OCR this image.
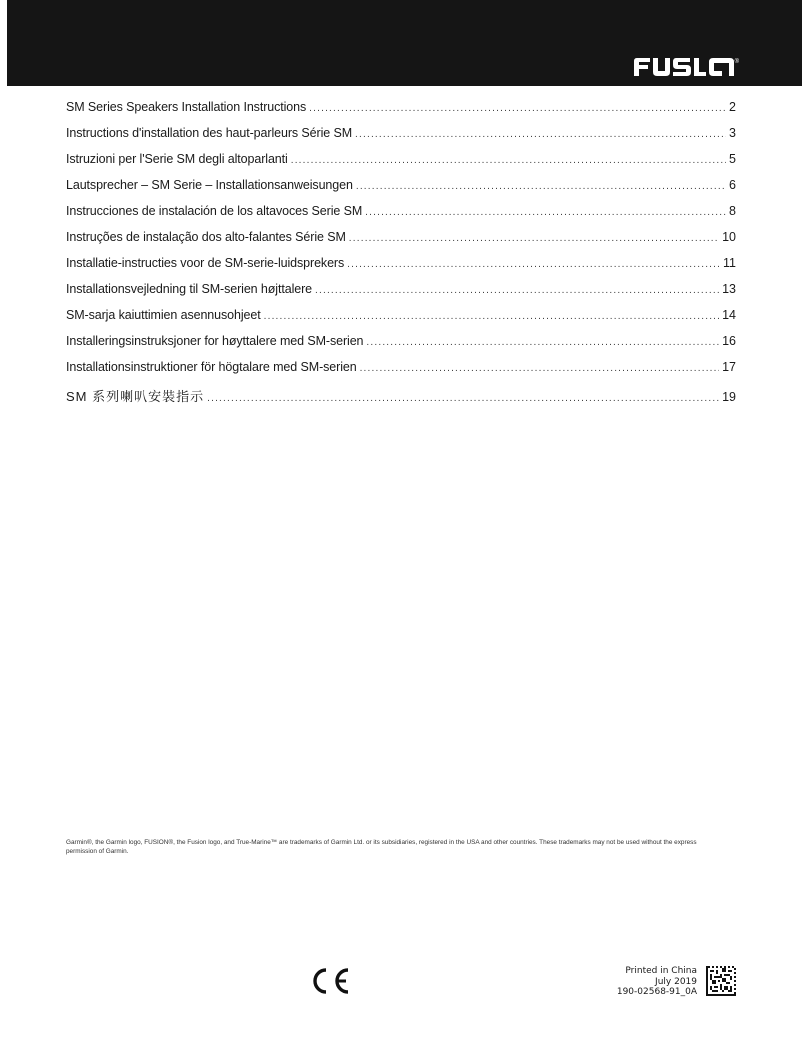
®
SM Series Speakers Installation Instructions .....	2
Instructions d'installation des haut-parleurs Série SM .....	3
Istruzioni per l'Serie SM degli altoparlanti .....	5
Lautsprecher – SM Serie – Installationsanweisungen .....	6
Instrucciones de instalación de los altavoces Serie SM .....	8
Instruções de instalação dos alto-falantes Série SM .....	10
Installatie-instructies voor de SM-serie-luidsprekers .....	11
Installationsvejledning til SM-serien højttalere .....	13
SM-sarja kaiuttimien asennusohjeet .....	14
Installeringsinstruksjoner for høyttalere med SM-serien .....	16
Installationsinstruktioner för högtalare med SM-serien .....	17
SM 系列喇叭安裝指示 .....	19
Garmin®, the Garmin logo, FUSION®, the Fusion logo, and True-Marine™ are trademarks of Garmin Ltd. or its subsidiaries, registered in the USA and other countries. These trademarks may not be used without the express permission of Garmin.
Printed in China
July 2019
190-02568-91_0A
